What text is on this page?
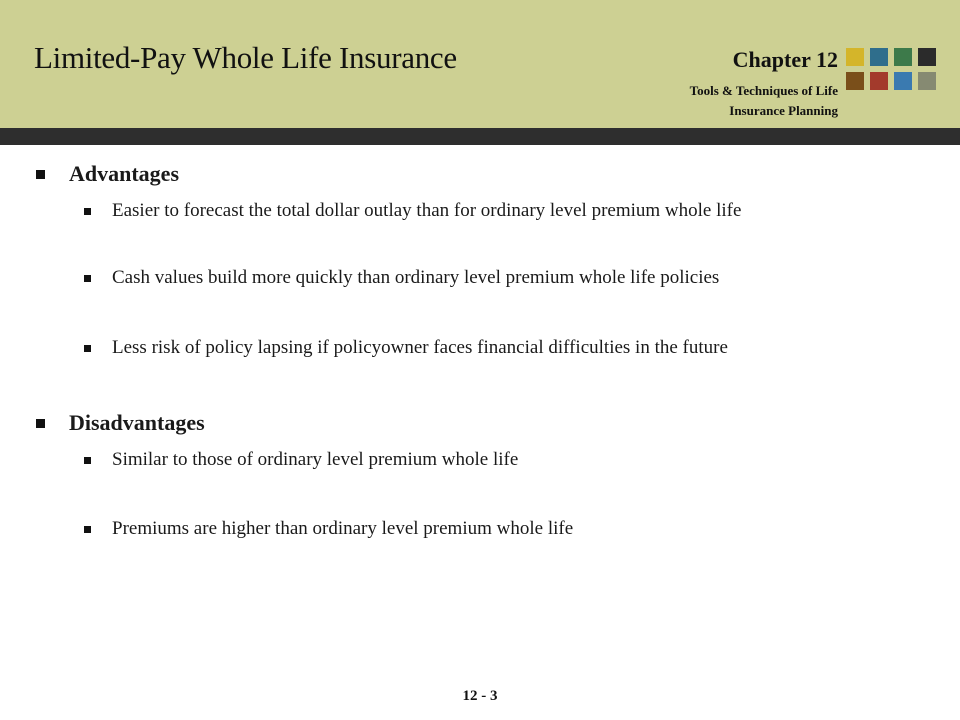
Limited-Pay Whole Life Insurance	Chapter 12
Tools & Techniques of Life
Insurance Planning
Advantages
Easier to forecast the total dollar outlay than for ordinary level premium whole life
Cash values build more quickly than ordinary level premium whole life policies
Less risk of policy lapsing if policyowner faces financial difficulties in the future
Disadvantages
Similar to those of ordinary level premium whole life
Premiums are higher than ordinary level premium whole life
12 - 3
